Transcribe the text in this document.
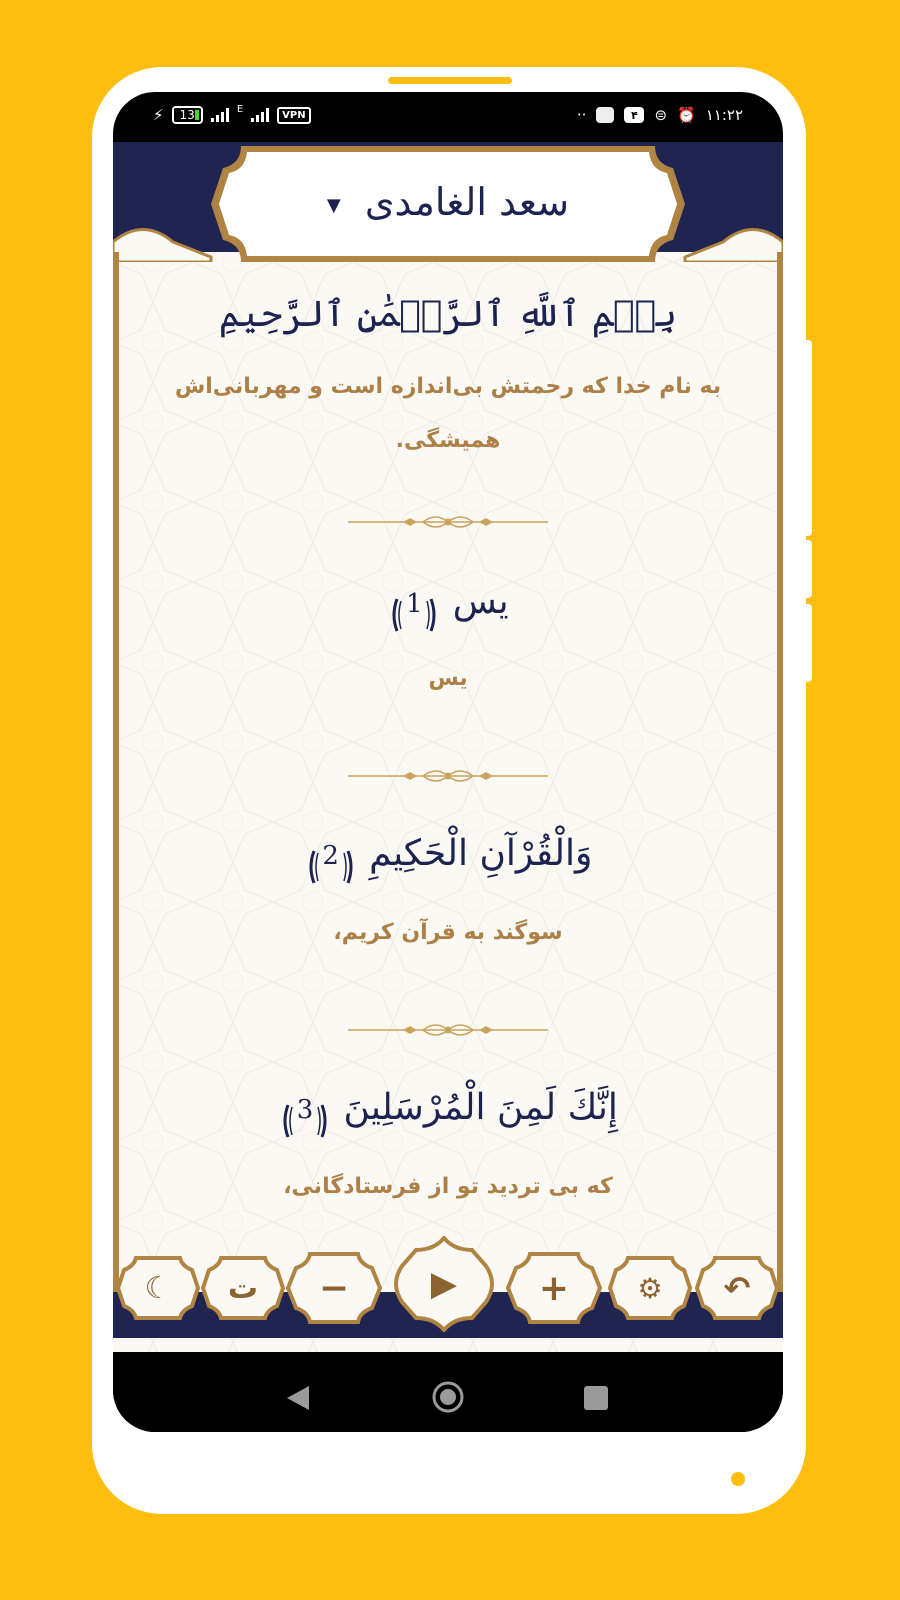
⚡	13	E
VPN	··	۴	⊜ ⏰ ۱۱:۲۲
سعد الغامدی ▼
بِسۡمِ ٱللَّهِ ٱلرَّحۡمَٰنِ ٱلرَّحِيمِ
به نام خدا که رحمتش بی‌اندازه است و مهربانی‌اش همیشگی.
يس
1
يس
وَالْقُرْآنِ الْحَكِيمِ
2
سوگند به قرآن کریم،
إِنَّكَ لَمِنَ الْمُرْسَلِينَ
3
که بی تردید تو از فرستادگانی،
☾ ت − ▶ + ⚙ ↶
